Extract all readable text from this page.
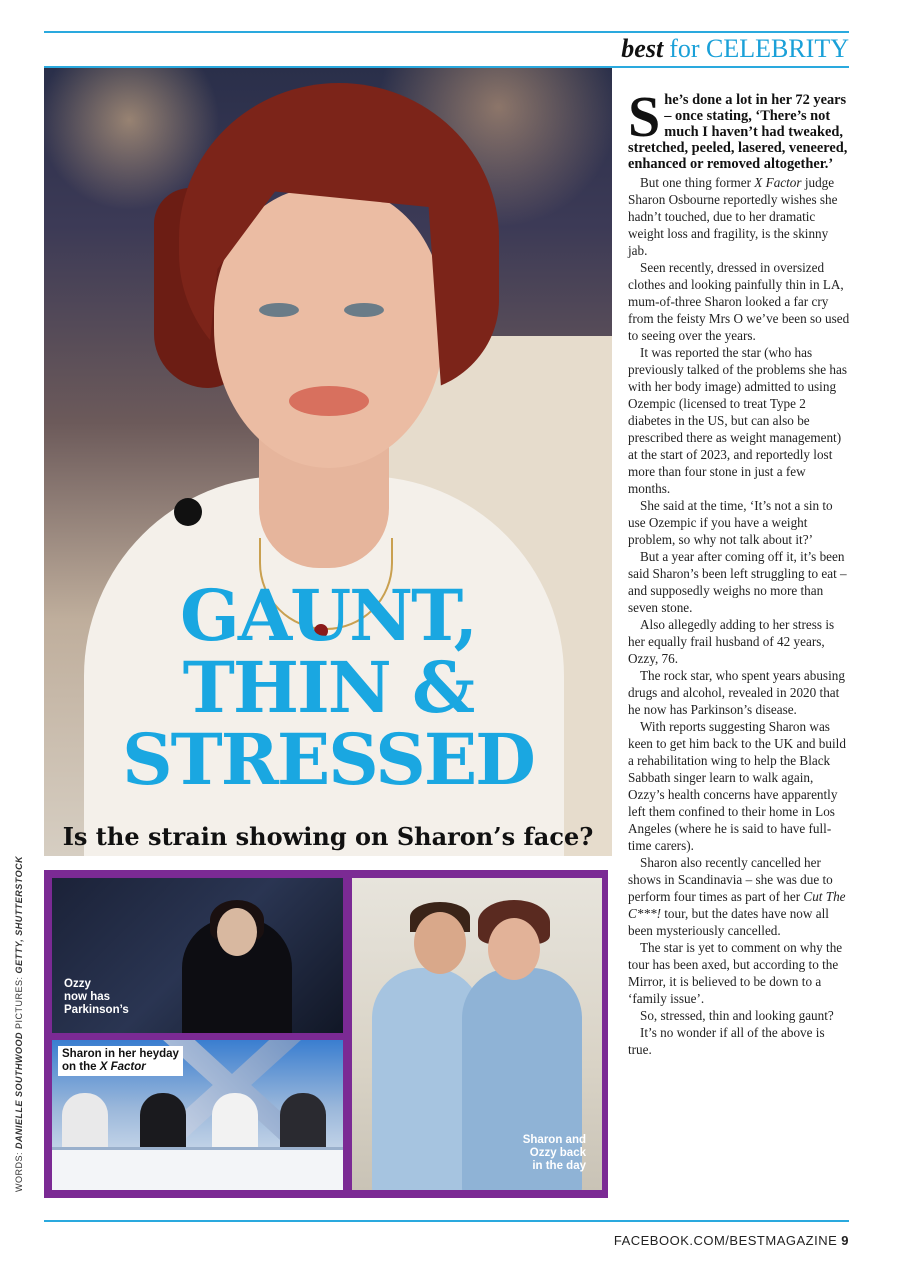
best for CELEBRITY
GAUNT,
THIN &
STRESSED
Is the strain showing on Sharon’s face?
WORDS: DANIELLE SOUTHWOOD PICTURES: GETTY, SHUTTERSTOCK
Ozzy
now has
Parkinson’s
Sharon in her heyday
on the X Factor
Sharon and
Ozzy back
in the day

She’s done a lot in her 72 years – once stating, ‘There’s not much I haven’t had tweaked, stretched, peeled, lasered, veneered, enhanced or removed altogether.’

But one thing former X Factor judge Sharon Osbourne reportedly wishes she hadn’t touched, due to her dramatic weight loss and fragility, is the skinny jab.

Seen recently, dressed in oversized clothes and looking painfully thin in LA, mum-of-three Sharon looked a far cry from the feisty Mrs O we’ve been so used to seeing over the years.

It was reported the star (who has previously talked of the problems she has with her body image) admitted to using Ozempic (licensed to treat Type 2 diabetes in the US, but can also be prescribed there as weight management) at the start of 2023, and reportedly lost more than four stone in just a few months.

She said at the time, ‘It’s not a sin to use Ozempic if you have a weight problem, so why not talk about it?’

But a year after coming off it, it’s been said Sharon’s been left struggling to eat – and supposedly weighs no more than seven stone.

Also allegedly adding to her stress is her equally frail husband of 42 years, Ozzy, 76.

The rock star, who spent years abusing drugs and alcohol, revealed in 2020 that he now has Parkinson’s disease.

With reports suggesting Sharon was keen to get him back to the UK and build a rehabilitation wing to help the Black Sabbath singer learn to walk again, Ozzy’s health concerns have apparently left them confined to their home in Los Angeles (where he is said to have full-time carers).

Sharon also recently cancelled her shows in Scandinavia – she was due to perform four times as part of her Cut The C***! tour, but the dates have now all been mysteriously cancelled.

The star is yet to comment on why the tour has been axed, but according to the Mirror, it is believed to be down to a ‘family issue’.

So, stressed, thin and looking gaunt?

It’s no wonder if all of the above is true.

FACEBOOK.COM/BESTMAGAZINE 9
